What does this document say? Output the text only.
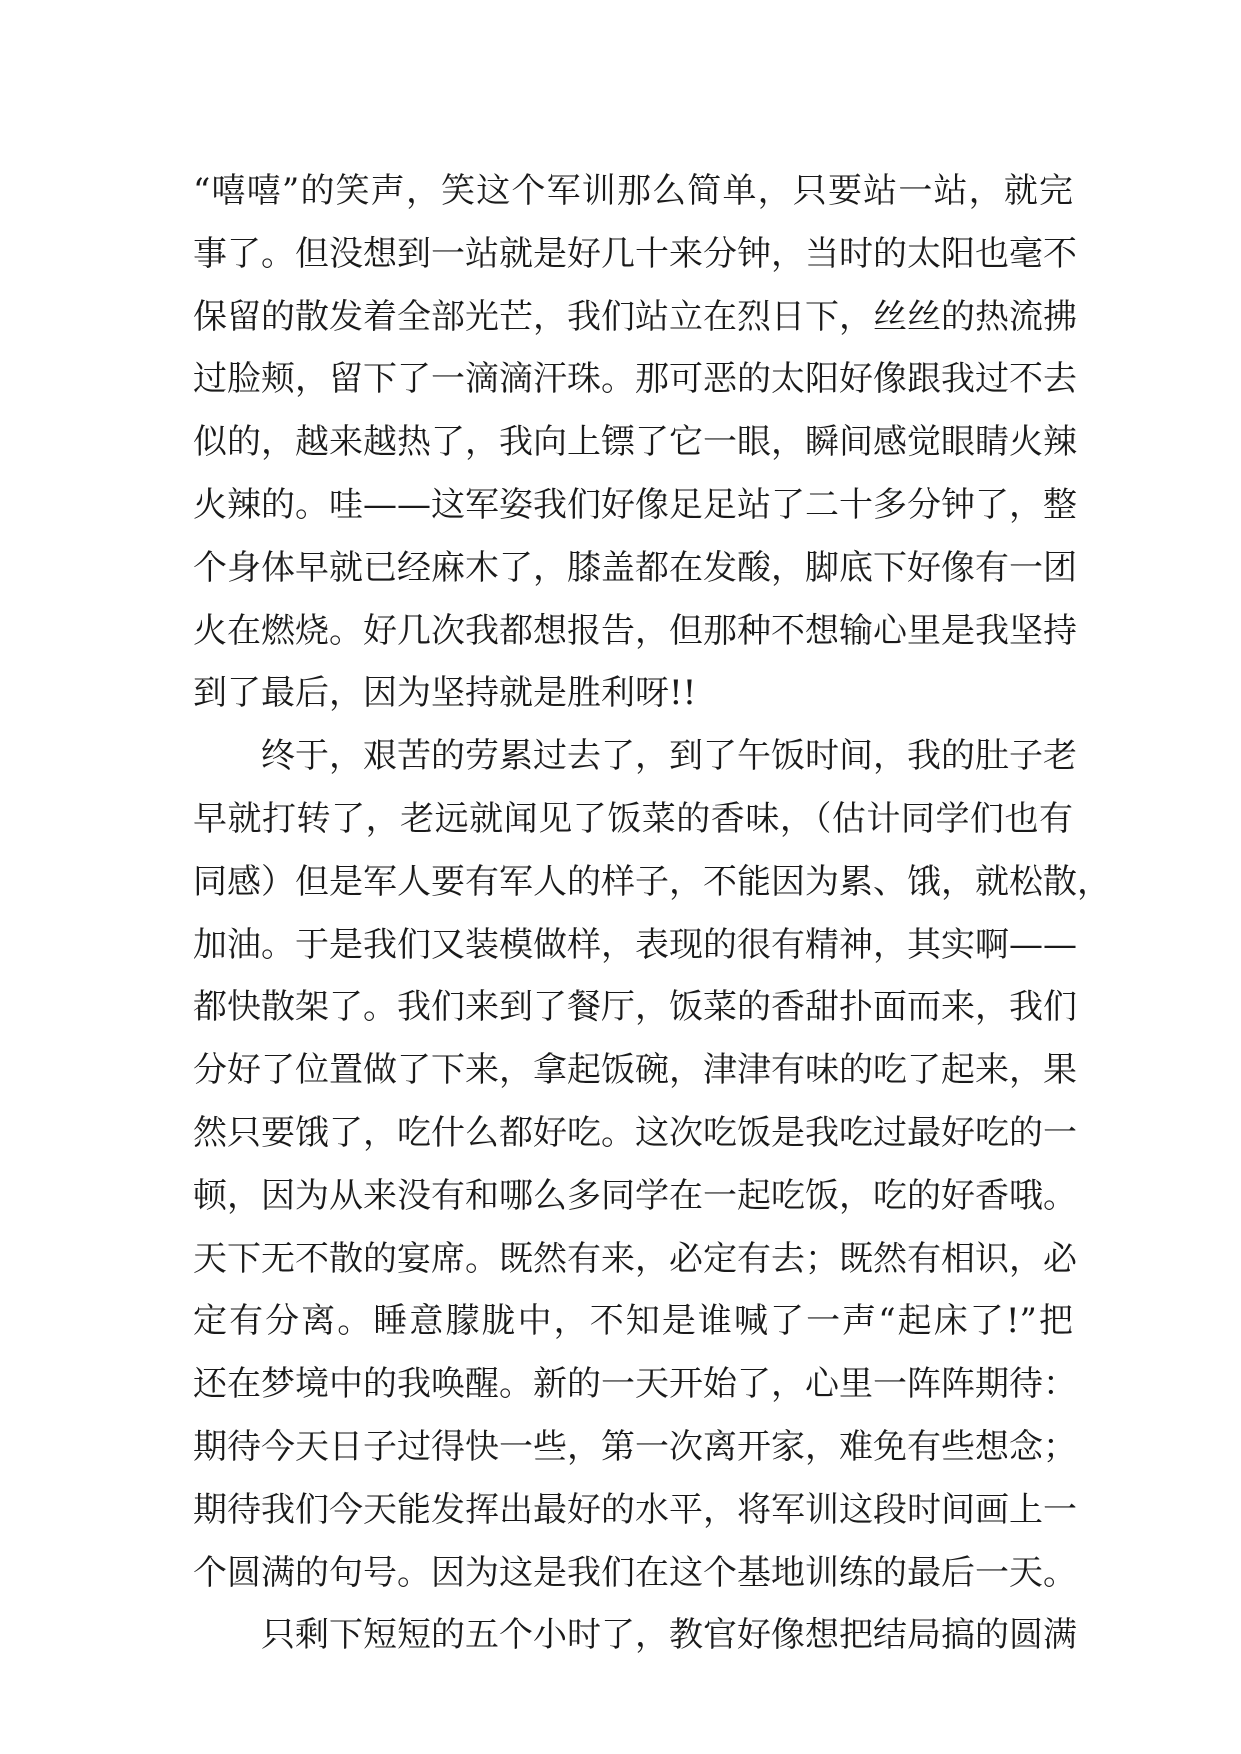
“嘻嘻”的笑声，笑这个军训那么简单，只要站一站，就完
事了。但没想到一站就是好几十来分钟，当时的太阳也毫不
保留的散发着全部光芒，我们站立在烈日下，丝丝的热流拂
过脸颊，留下了一滴滴汗珠。那可恶的太阳好像跟我过不去
似的，越来越热了，我向上镖了它一眼，瞬间感觉眼睛火辣
火辣的。哇——这军姿我们好像足足站了二十多分钟了，整
个身体早就已经麻木了，膝盖都在发酸，脚底下好像有一团
火在燃烧。好几次我都想报告，但那种不想输心里是我坚持
到了最后，因为坚持就是胜利呀!!
终于，艰苦的劳累过去了，到了午饭时间，我的肚子老
早就打转了，老远就闻见了饭菜的香味，（估计同学们也有
同感）但是军人要有军人的样子，不能因为累、饿，就松散，
加油。于是我们又装模做样，表现的很有精神，其实啊——
都快散架了。我们来到了餐厅，饭菜的香甜扑面而来，我们
分好了位置做了下来，拿起饭碗，津津有味的吃了起来，果
然只要饿了，吃什么都好吃。这次吃饭是我吃过最好吃的一
顿，因为从来没有和哪么多同学在一起吃饭，吃的好香哦。
天下无不散的宴席。既然有来，必定有去；既然有相识，必
定有分离。睡意朦胧中，不知是谁喊了一声“起床了!”把
还在梦境中的我唤醒。新的一天开始了，心里一阵阵期待：
期待今天日子过得快一些，第一次离开家，难免有些想念；
期待我们今天能发挥出最好的水平，将军训这段时间画上一
个圆满的句号。因为这是我们在这个基地训练的最后一天。
只剩下短短的五个小时了，教官好像想把结局搞的圆满
